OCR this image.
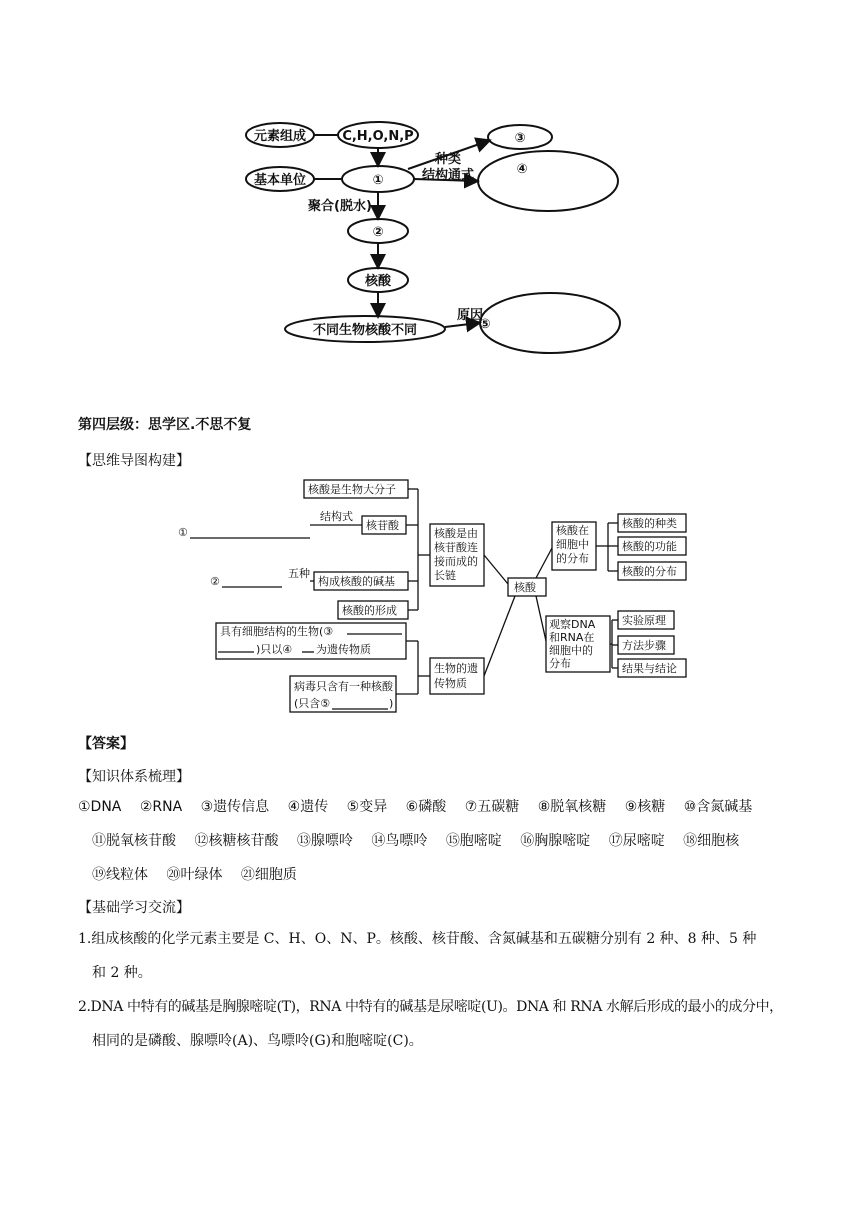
元素组成	C,H,O,N,P	③
基本单位	①
种类
结构通式	④
聚合(脱水)
②
核酸
不同生物核酸不同
原因
⑤
第四层级：思学区.不思不复
【思维导图构建】
核酸是生物大分子
结构式
核苷酸
①
五种
②	构成核酸的碱基
核酸的形成
核酸是由
核苷酸连
接而成的
长链
核酸
核酸在
细胞中
的分布
核酸的种类
核酸的功能
核酸的分布
观察DNA
和RNA在
细胞中的
分布
实验原理
方法步骤
结果与结论
具有细胞结构的生物(③
)只以④ 为遗传物质
病毒只含有一种核酸
(只含⑤	)
生物的遗
传物质
【答案】
【知识体系梳理】
①DNA ②RNA ③遗传信息 ④遗传 ⑤变异 ⑥磷酸 ⑦五碳糖 ⑧脱氧核糖 ⑨核糖 ⑩含氮碱基
⑪脱氧核苷酸 ⑫核糖核苷酸 ⑬腺嘌呤 ⑭鸟嘌呤 ⑮胞嘧啶 ⑯胸腺嘧啶 ⑰尿嘧啶 ⑱细胞核
⑲线粒体 ⑳叶绿体 ㉑细胞质
【基础学习交流】
1.组成核酸的化学元素主要是 C、H、O、N、P。核酸、核苷酸、含氮碱基和五碳糖分别有 2 种、8 种、5 种
和 2 种。
2.DNA 中特有的碱基是胸腺嘧啶(T)，RNA 中特有的碱基是尿嘧啶(U)。DNA 和 RNA 水解后形成的最小的成分中，
相同的是磷酸、腺嘌呤(A)、鸟嘌呤(G)和胞嘧啶(C)。
